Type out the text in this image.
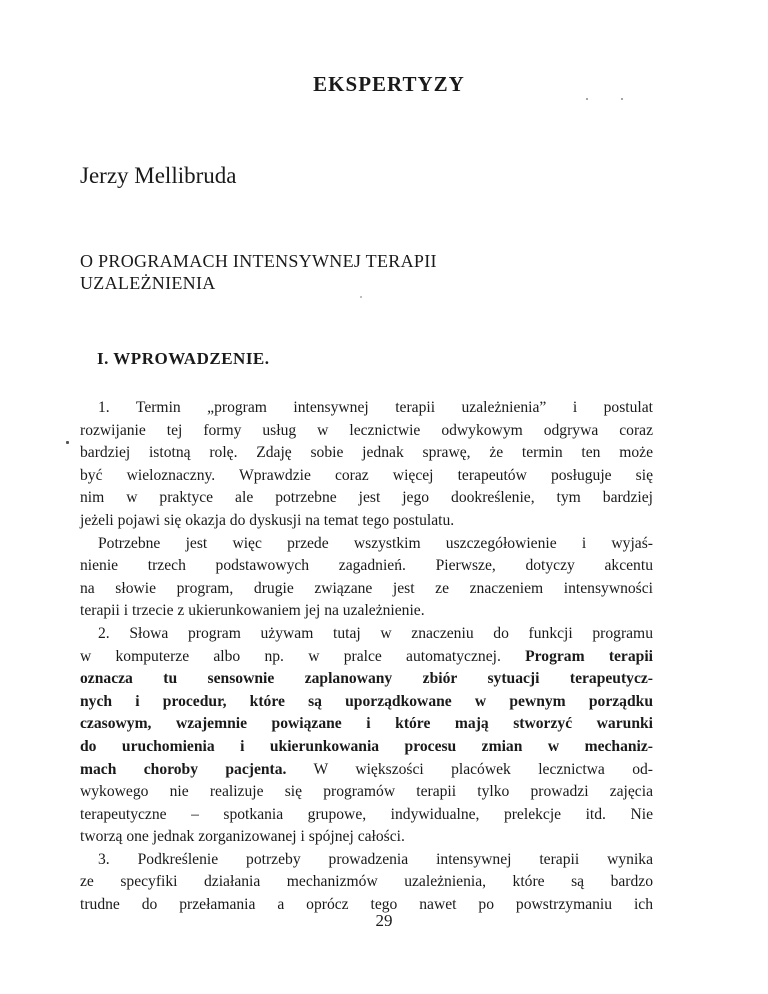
EKSPERTYZY
Jerzy Mellibruda
O PROGRAMACH INTENSYWNEJ TERAPII
UZALEŻNIENIA
I. WPROWADZENIE.
1. Termin „program intensywnej terapii uzależnienia” i postulat
rozwijanie tej formy usług w lecznictwie odwykowym odgrywa coraz
bardziej istotną rolę. Zdaję sobie jednak sprawę, że termin ten może
być wieloznaczny. Wprawdzie coraz więcej terapeutów posługuje się
nim w praktyce ale potrzebne jest jego dookreślenie, tym bardziej
jeżeli pojawi się okazja do dyskusji na temat tego postulatu.
Potrzebne jest więc przede wszystkim uszczegółowienie i wyjaś-
nienie trzech podstawowych zagadnień. Pierwsze, dotyczy akcentu
na słowie program, drugie związane jest ze znaczeniem intensywności
terapii i trzecie z ukierunkowaniem jej na uzależnienie.
2. Słowa program używam tutaj w znaczeniu do funkcji programu
w komputerze albo np. w pralce automatycznej. Program terapii
oznacza tu sensownie zaplanowany zbiór sytuacji terapeutycz-
nych i procedur, które są uporządkowane w pewnym porządku
czasowym, wzajemnie powiązane i które mają stworzyć warunki
do uruchomienia i ukierunkowania procesu zmian w mechaniz-
mach choroby pacjenta. W większości placówek lecznictwa od-
wykowego nie realizuje się programów terapii tylko prowadzi zajęcia
terapeutyczne – spotkania grupowe, indywidualne, prelekcje itd. Nie
tworzą one jednak zorganizowanej i spójnej całości.
3. Podkreślenie potrzeby prowadzenia intensywnej terapii wynika
ze specyfiki działania mechanizmów uzależnienia, które są bardzo
trudne do przełamania a oprócz tego nawet po powstrzymaniu ich
29
